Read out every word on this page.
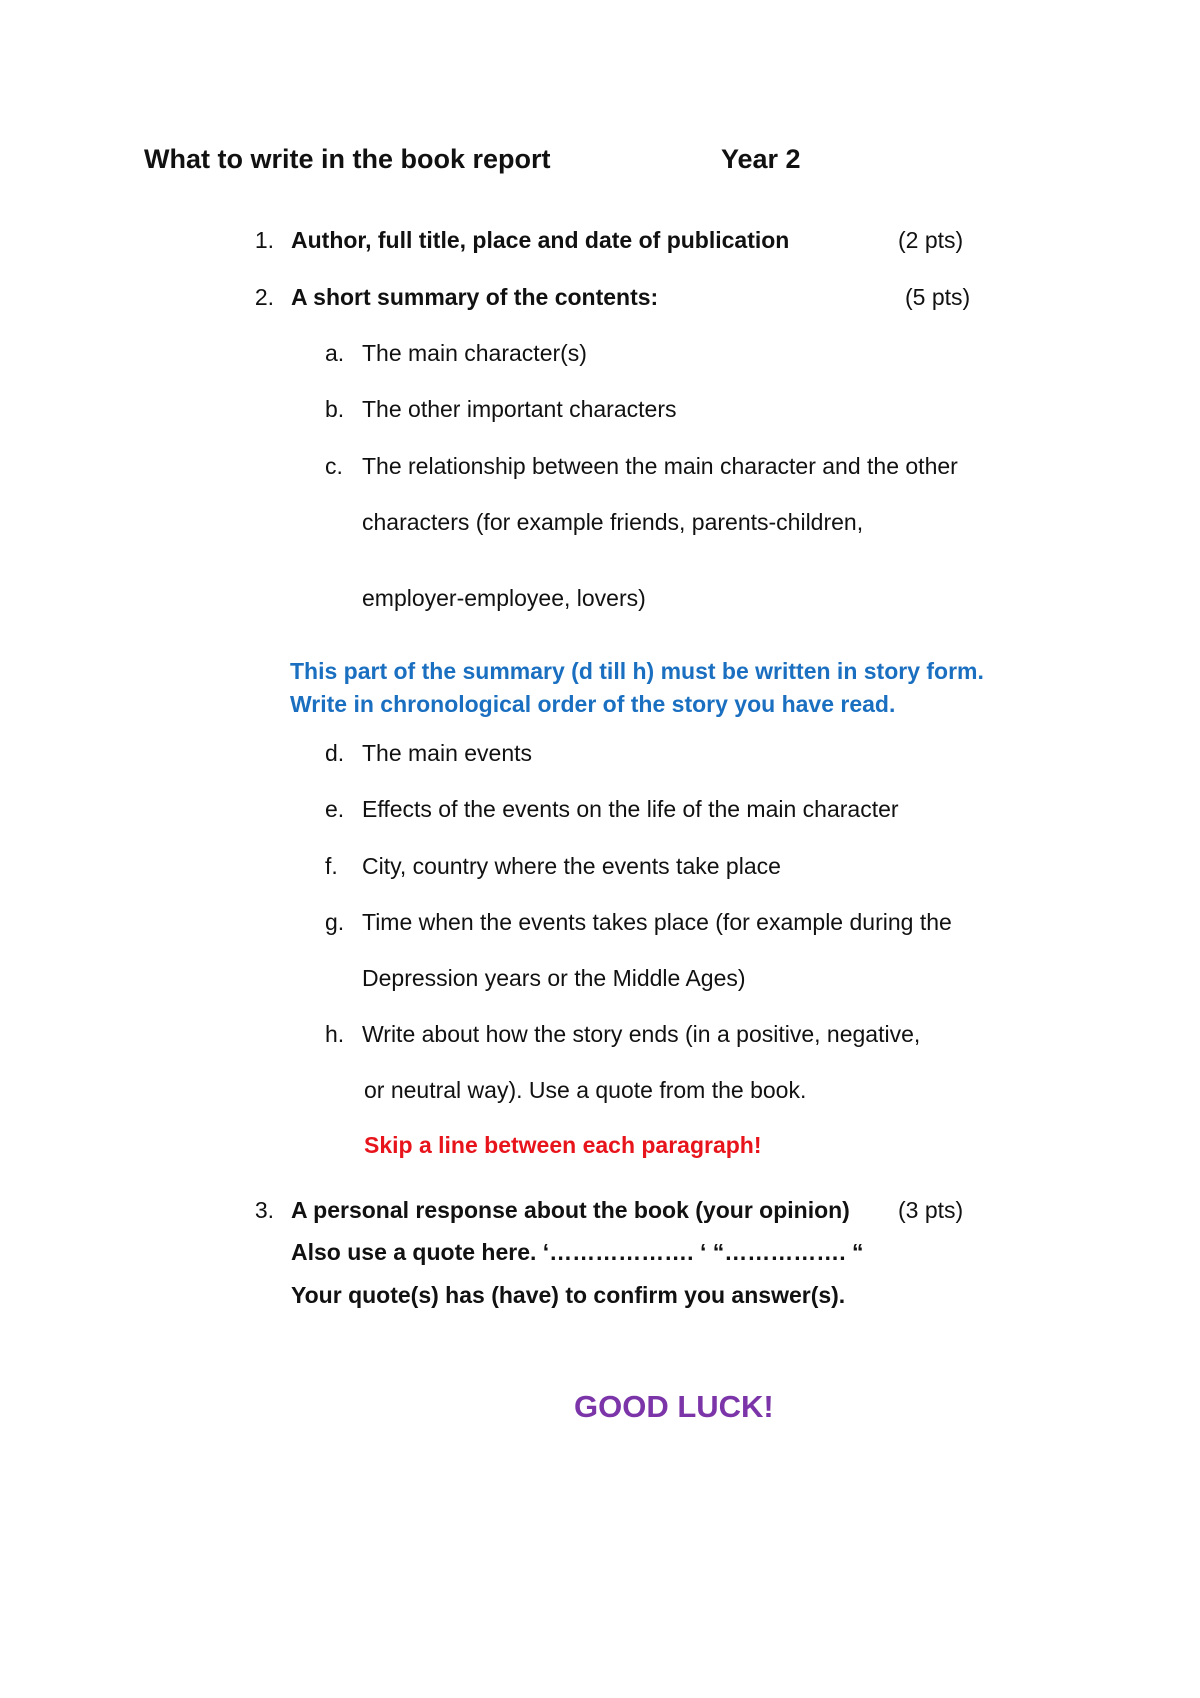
What to write in the book report	Year 2
1. Author, full title, place and date of publication	(2 pts)
2. A short summary of the contents:	(5 pts)
a. The main character(s)
b. The other important characters
c. The relationship between the main character and the other
characters (for example friends, parents-children,
employer-employee, lovers)
This part of the summary (d till h) must be written in story form.
Write in chronological order of the story you have read.
d. The main events
e. Effects of the events on the life of the main character
f. City, country where the events take place
g. Time when the events takes place (for example during the
Depression years or the Middle Ages)
h. Write about how the story ends (in a positive, negative,
or neutral way). Use a quote from the book.
Skip a line between each paragraph!
3. A personal response about the book (your opinion) (3 pts)
Also use a quote here. ‘………………. ‘ “……………. “
Your quote(s) has (have) to confirm you answer(s).
GOOD LUCK!
